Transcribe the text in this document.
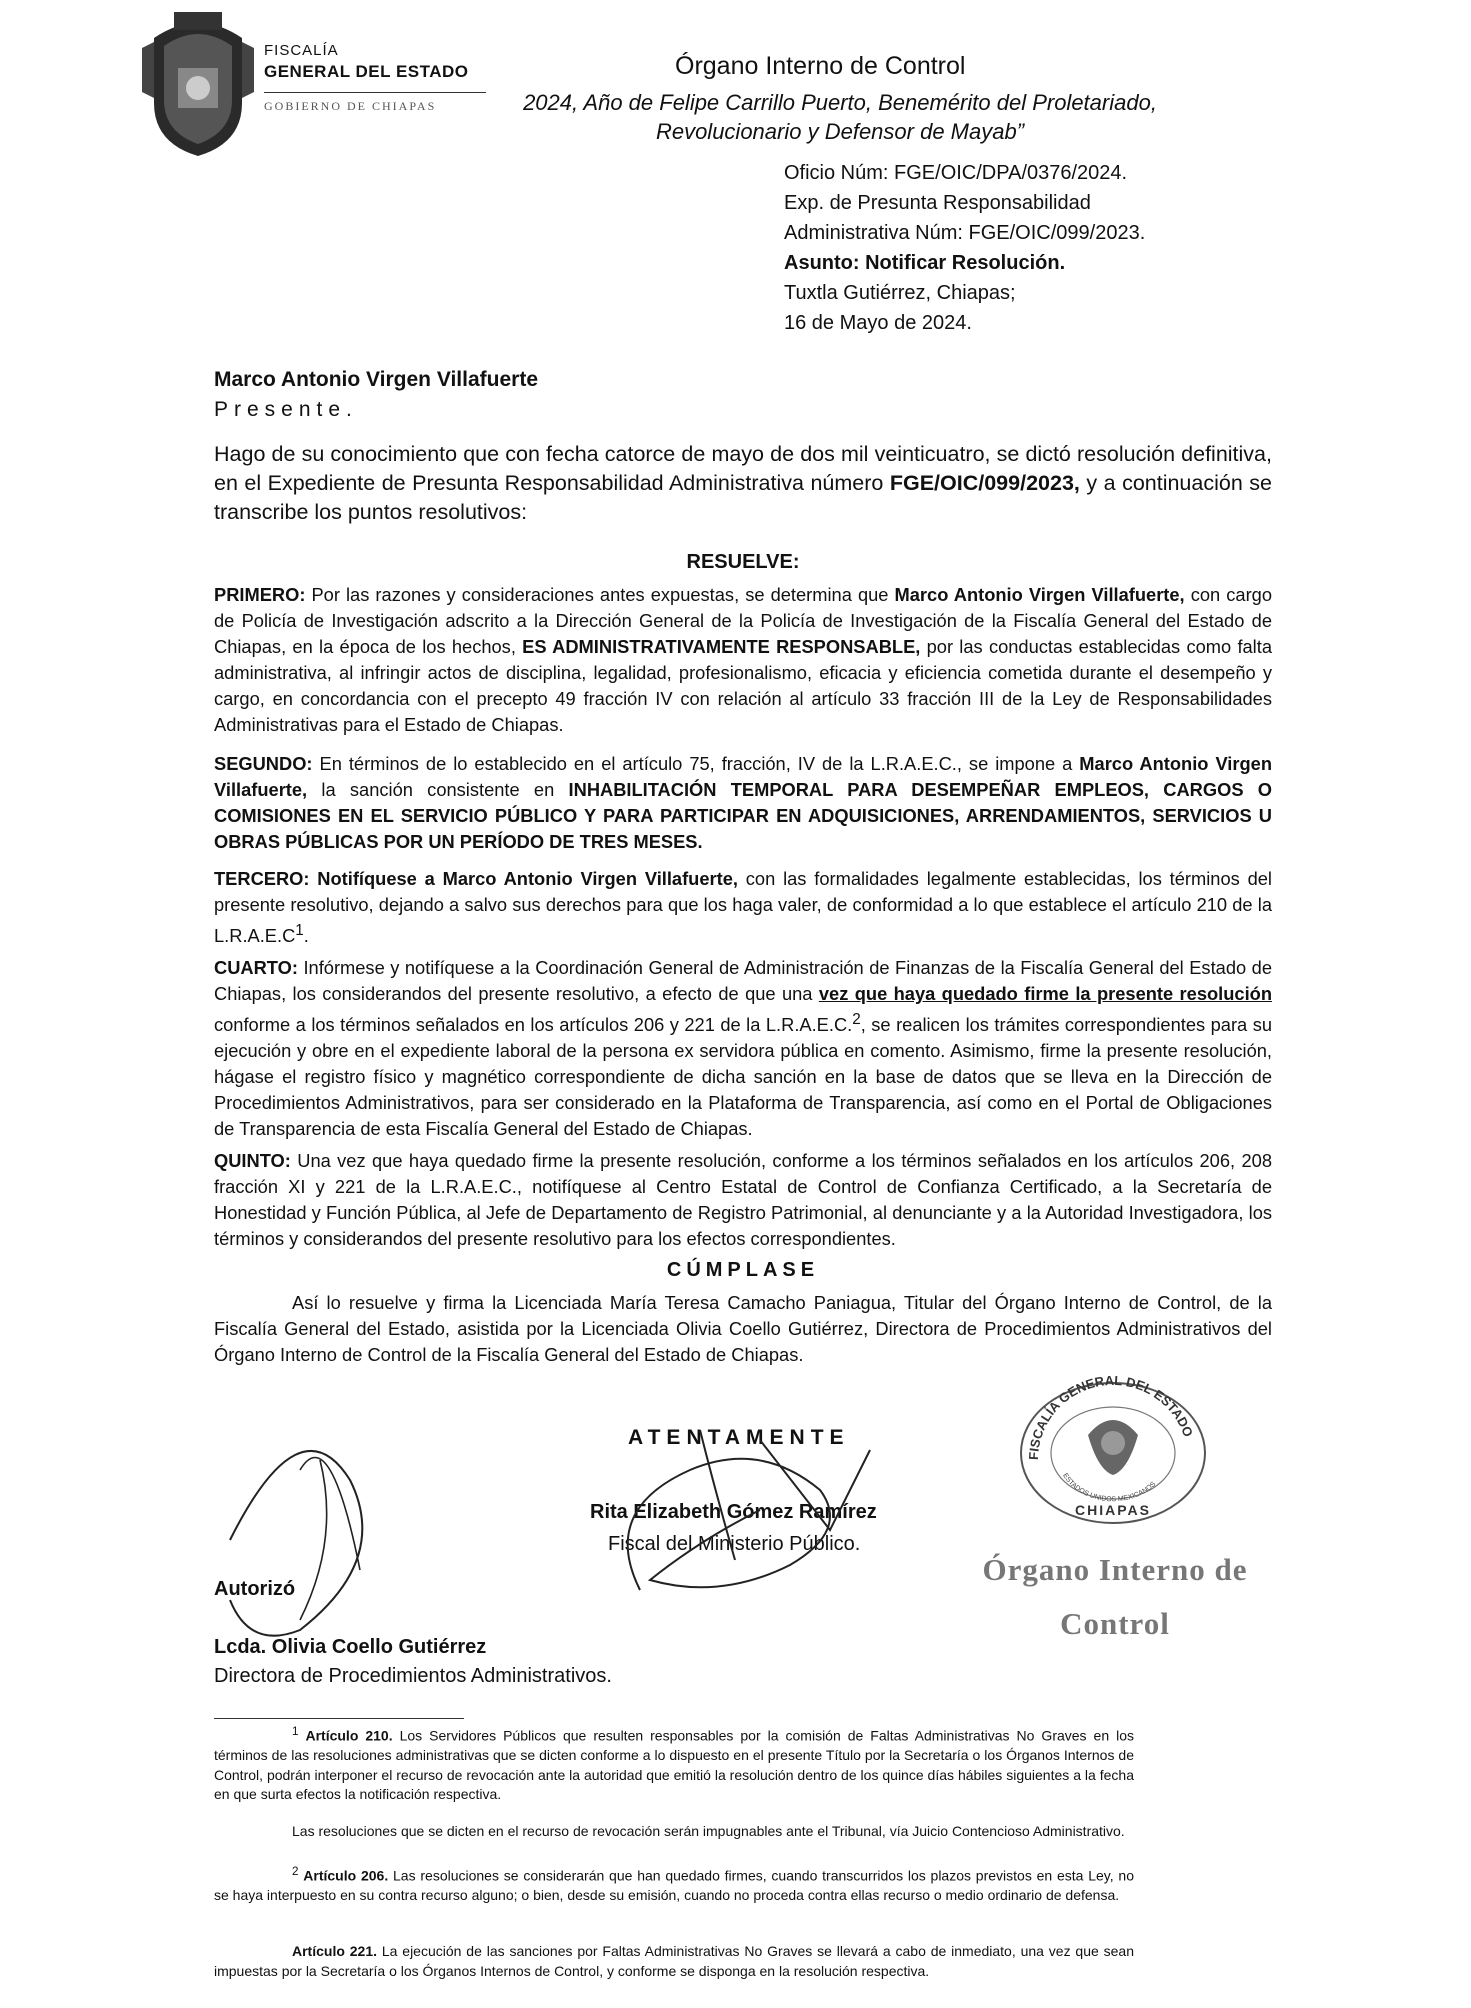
FISCALÍA
GENERAL DEL ESTADO
GOBIERNO DE CHIAPAS
Órgano Interno de Control
2024, Año de Felipe Carrillo Puerto, Benemérito del Proletariado,
Revolucionario y Defensor de Mayab”
Oficio Núm: FGE/OIC/DPA/0376/2024.
Exp. de Presunta Responsabilidad
Administrativa Núm: FGE/OIC/099/2023.
Asunto: Notificar Resolución.
Tuxtla Gutiérrez, Chiapas;
16 de Mayo de 2024.
Marco Antonio Virgen Villafuerte
Presente.
Hago de su conocimiento que con fecha catorce de mayo de dos mil veinticuatro, se dictó resolución definitiva, en el Expediente de Presunta Responsabilidad Administrativa número FGE/OIC/099/2023, y a continuación se transcribe los puntos resolutivos:
RESUELVE:
PRIMERO: Por las razones y consideraciones antes expuestas, se determina que Marco Antonio Virgen Villafuerte, con cargo de Policía de Investigación adscrito a la Dirección General de la Policía de Investigación de la Fiscalía General del Estado de Chiapas, en la época de los hechos, ES ADMINISTRATIVAMENTE RESPONSABLE, por las conductas establecidas como falta administrativa, al infringir actos de disciplina, legalidad, profesionalismo, eficacia y eficiencia cometida durante el desempeño y cargo, en concordancia con el precepto 49 fracción IV con relación al artículo 33 fracción III de la Ley de Responsabilidades Administrativas para el Estado de Chiapas.
SEGUNDO: En términos de lo establecido en el artículo 75, fracción, IV de la L.R.A.E.C., se impone a Marco Antonio Virgen Villafuerte, la sanción consistente en INHABILITACIÓN TEMPORAL PARA DESEMPEÑAR EMPLEOS, CARGOS O COMISIONES EN EL SERVICIO PÚBLICO Y PARA PARTICIPAR EN ADQUISICIONES, ARRENDAMIENTOS, SERVICIOS U OBRAS PÚBLICAS POR UN PERÍODO DE TRES MESES.
TERCERO: Notifíquese a Marco Antonio Virgen Villafuerte, con las formalidades legalmente establecidas, los términos del presente resolutivo, dejando a salvo sus derechos para que los haga valer, de conformidad a lo que establece el artículo 210 de la $L.R.A.E.C^1$.
CUARTO: Infórmese y notifíquese a la Coordinación General de Administración de Finanzas de la Fiscalía General del Estado de Chiapas, los considerandos del presente resolutivo, a efecto de que una vez que haya quedado firme la presente resolución conforme a los términos señalados en los artículos 206 y 221 de la L.R.A.E.C.$^2$, se realicen los trámites correspondientes para su ejecución y obre en el expediente laboral de la persona ex servidora pública en comento. Asimismo, firme la presente resolución, hágase el registro físico y magnético correspondiente de dicha sanción en la base de datos que se lleva en la Dirección de Procedimientos Administrativos, para ser considerado en la Plataforma de Transparencia, así como en el Portal de Obligaciones de Transparencia de esta Fiscalía General del Estado de Chiapas.
QUINTO: Una vez que haya quedado firme la presente resolución, conforme a los términos señalados en los artículos 206, 208 fracción XI y 221 de la L.R.A.E.C., notifíquese al Centro Estatal de Control de Confianza Certificado, a la Secretaría de Honestidad y Función Pública, al Jefe de Departamento de Registro Patrimonial, al denunciante y a la Autoridad Investigadora, los términos y considerandos del presente resolutivo para los efectos correspondientes.
CÚMPLASE
Así lo resuelve y firma la Licenciada María Teresa Camacho Paniagua, Titular del Órgano Interno de Control, de la Fiscalía General del Estado, asistida por la Licenciada Olivia Coello Gutiérrez, Directora de Procedimientos Administrativos del Órgano Interno de Control de la Fiscalía General del Estado de Chiapas.
FISCALÍA GENERAL DEL ESTADO
CHIAPAS
ESTADOS UNIDOS MEXICANOS
ATENTAMENTE
Rita Elizabeth Gómez Ramírez
Fiscal del Ministerio Público.
Órgano Interno de
Control
Autorizó
Lcda. Olivia Coello Gutiérrez
Directora de Procedimientos Administrativos.
$^1$ Artículo 210. Los Servidores Públicos que resulten responsables por la comisión de Faltas Administrativas No Graves en los términos de las resoluciones administrativas que se dicten conforme a lo dispuesto en el presente Título por la Secretaría o los Órganos Internos de Control, podrán interponer el recurso de revocación ante la autoridad que emitió la resolución dentro de los quince días hábiles siguientes a la fecha en que surta efectos la notificación respectiva.
Las resoluciones que se dicten en el recurso de revocación serán impugnables ante el Tribunal, vía Juicio Contencioso Administrativo.
$^2$ Artículo 206. Las resoluciones se considerarán que han quedado firmes, cuando transcurridos los plazos previstos en esta Ley, no se haya interpuesto en su contra recurso alguno; o bien, desde su emisión, cuando no proceda contra ellas recurso o medio ordinario de defensa.
Artículo 221. La ejecución de las sanciones por Faltas Administrativas No Graves se llevará a cabo de inmediato, una vez que sean impuestas por la Secretaría o los Órganos Internos de Control, y conforme se disponga en la resolución respectiva.
